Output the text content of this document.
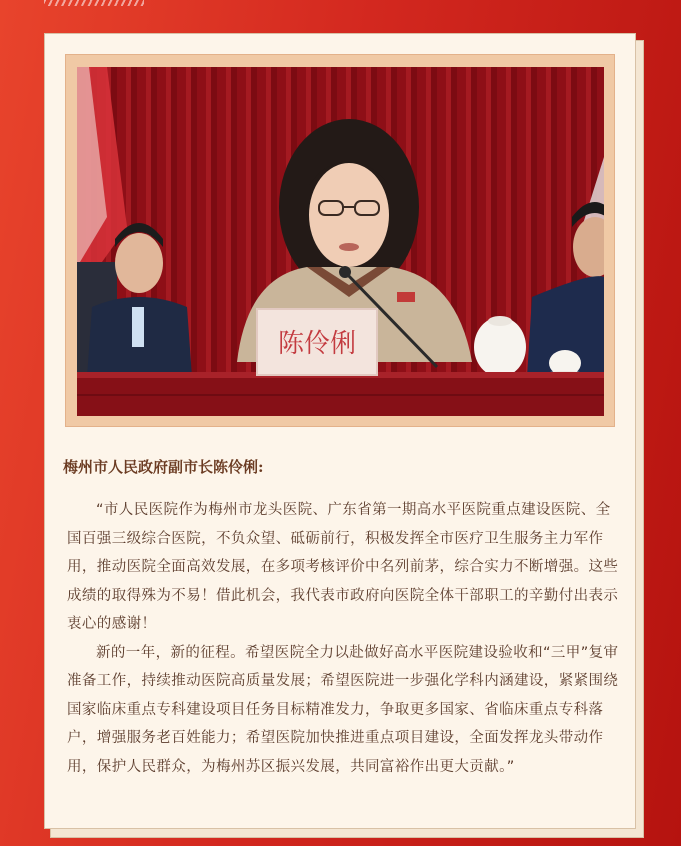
陈伶俐
梅州市人民政府副市长陈伶俐:

“市人民医院作为梅州市龙头医院、广东省第一期高水平医院重点建设医院、全国百强三级综合医院，不负众望、砥砺前行，积极发挥全市医疗卫生服务主力军作用，推动医院全面高效发展，在多项考核评价中名列前茅，综合实力不断增强。这些成绩的取得殊为不易！借此机会，我代表市政府向医院全体干部职工的辛勤付出表示衷心的感谢！

新的一年，新的征程。希望医院全力以赴做好高水平医院建设验收和“三甲”复审准备工作，持续推动医院高质量发展；希望医院进一步强化学科内涵建设，紧紧围绕国家临床重点专科建设项目任务目标精准发力，争取更多国家、省临床重点专科落户，增强服务老百姓能力；希望医院加快推进重点项目建设，全面发挥龙头带动作用，保护人民群众，为梅州苏区振兴发展，共同富裕作出更大贡献。”
